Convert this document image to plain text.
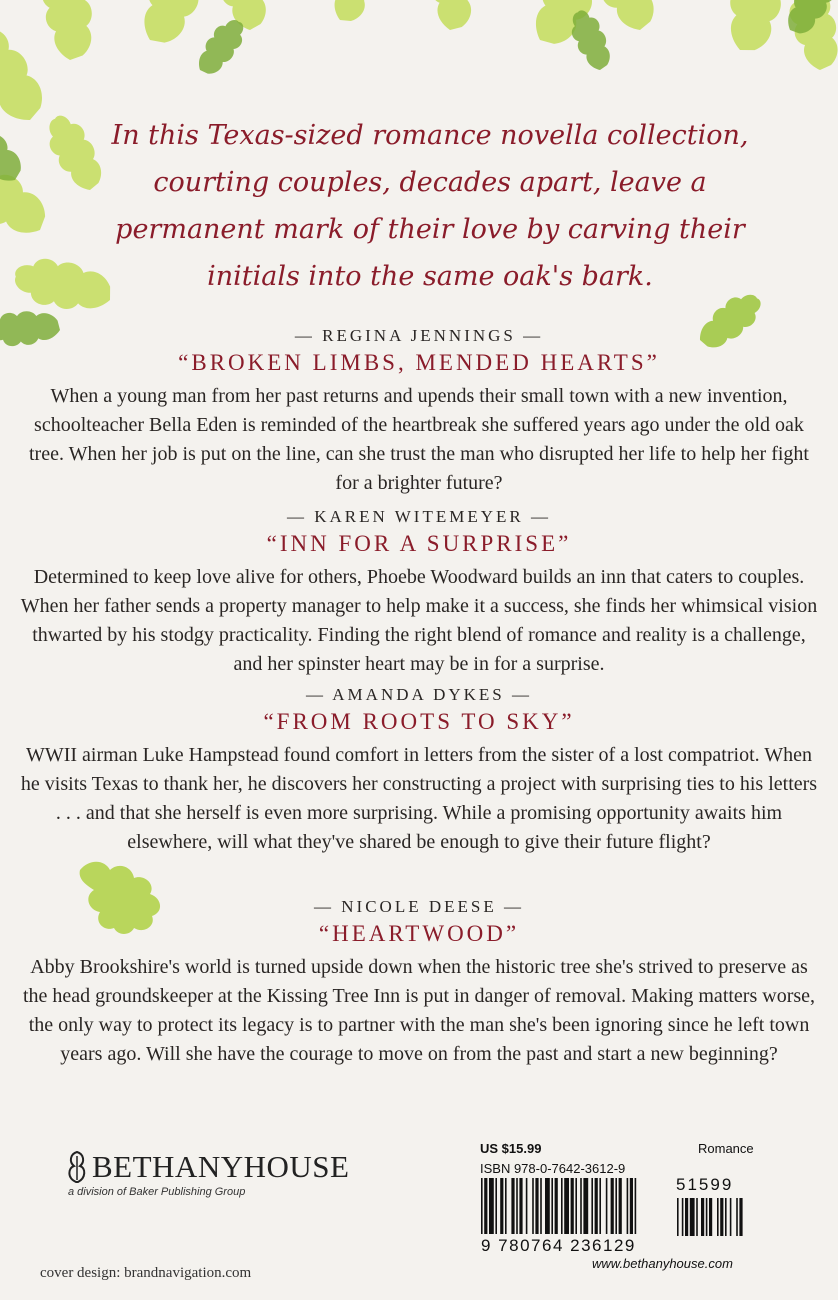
In this Texas-sized romance novella collection, courting couples, decades apart, leave a permanent mark of their love by carving their initials into the same oak's bark.
— REGINA JENNINGS —
“BROKEN LIMBS, MENDED HEARTS”
When a young man from her past returns and upends their small town with a new invention, schoolteacher Bella Eden is reminded of the heartbreak she suffered years ago under the old oak tree. When her job is put on the line, can she trust the man who disrupted her life to help her fight for a brighter future?
— KAREN WITEMEYER —
“INN FOR A SURPRISE”
Determined to keep love alive for others, Phoebe Woodward builds an inn that caters to couples. When her father sends a property manager to help make it a success, she finds her whimsical vision thwarted by his stodgy practicality. Finding the right blend of romance and reality is a challenge, and her spinster heart may be in for a surprise.
— AMANDA DYKES —
“FROM ROOTS TO SKY”
WWII airman Luke Hampstead found comfort in letters from the sister of a lost compatriot. When he visits Texas to thank her, he discovers her constructing a project with surprising ties to his letters . . . and that she herself is even more surprising. While a promising opportunity awaits him elsewhere, will what they've shared be enough to give their future flight?
— NICOLE DEESE —
“HEARTWOOD”
Abby Brookshire's world is turned upside down when the historic tree she's strived to preserve as the head groundskeeper at the Kissing Tree Inn is put in danger of removal. Making matters worse, the only way to protect its legacy is to partner with the man she's been ignoring since he left town years ago. Will she have the courage to move on from the past and start a new beginning?
BETHANYHOUSE
a division of Baker Publishing Group
cover design: brandnavigation.com
US $15.99	Romance
ISBN 978-0-7642-3612-9
51599
9 780764 236129
www.bethanyhouse.com
